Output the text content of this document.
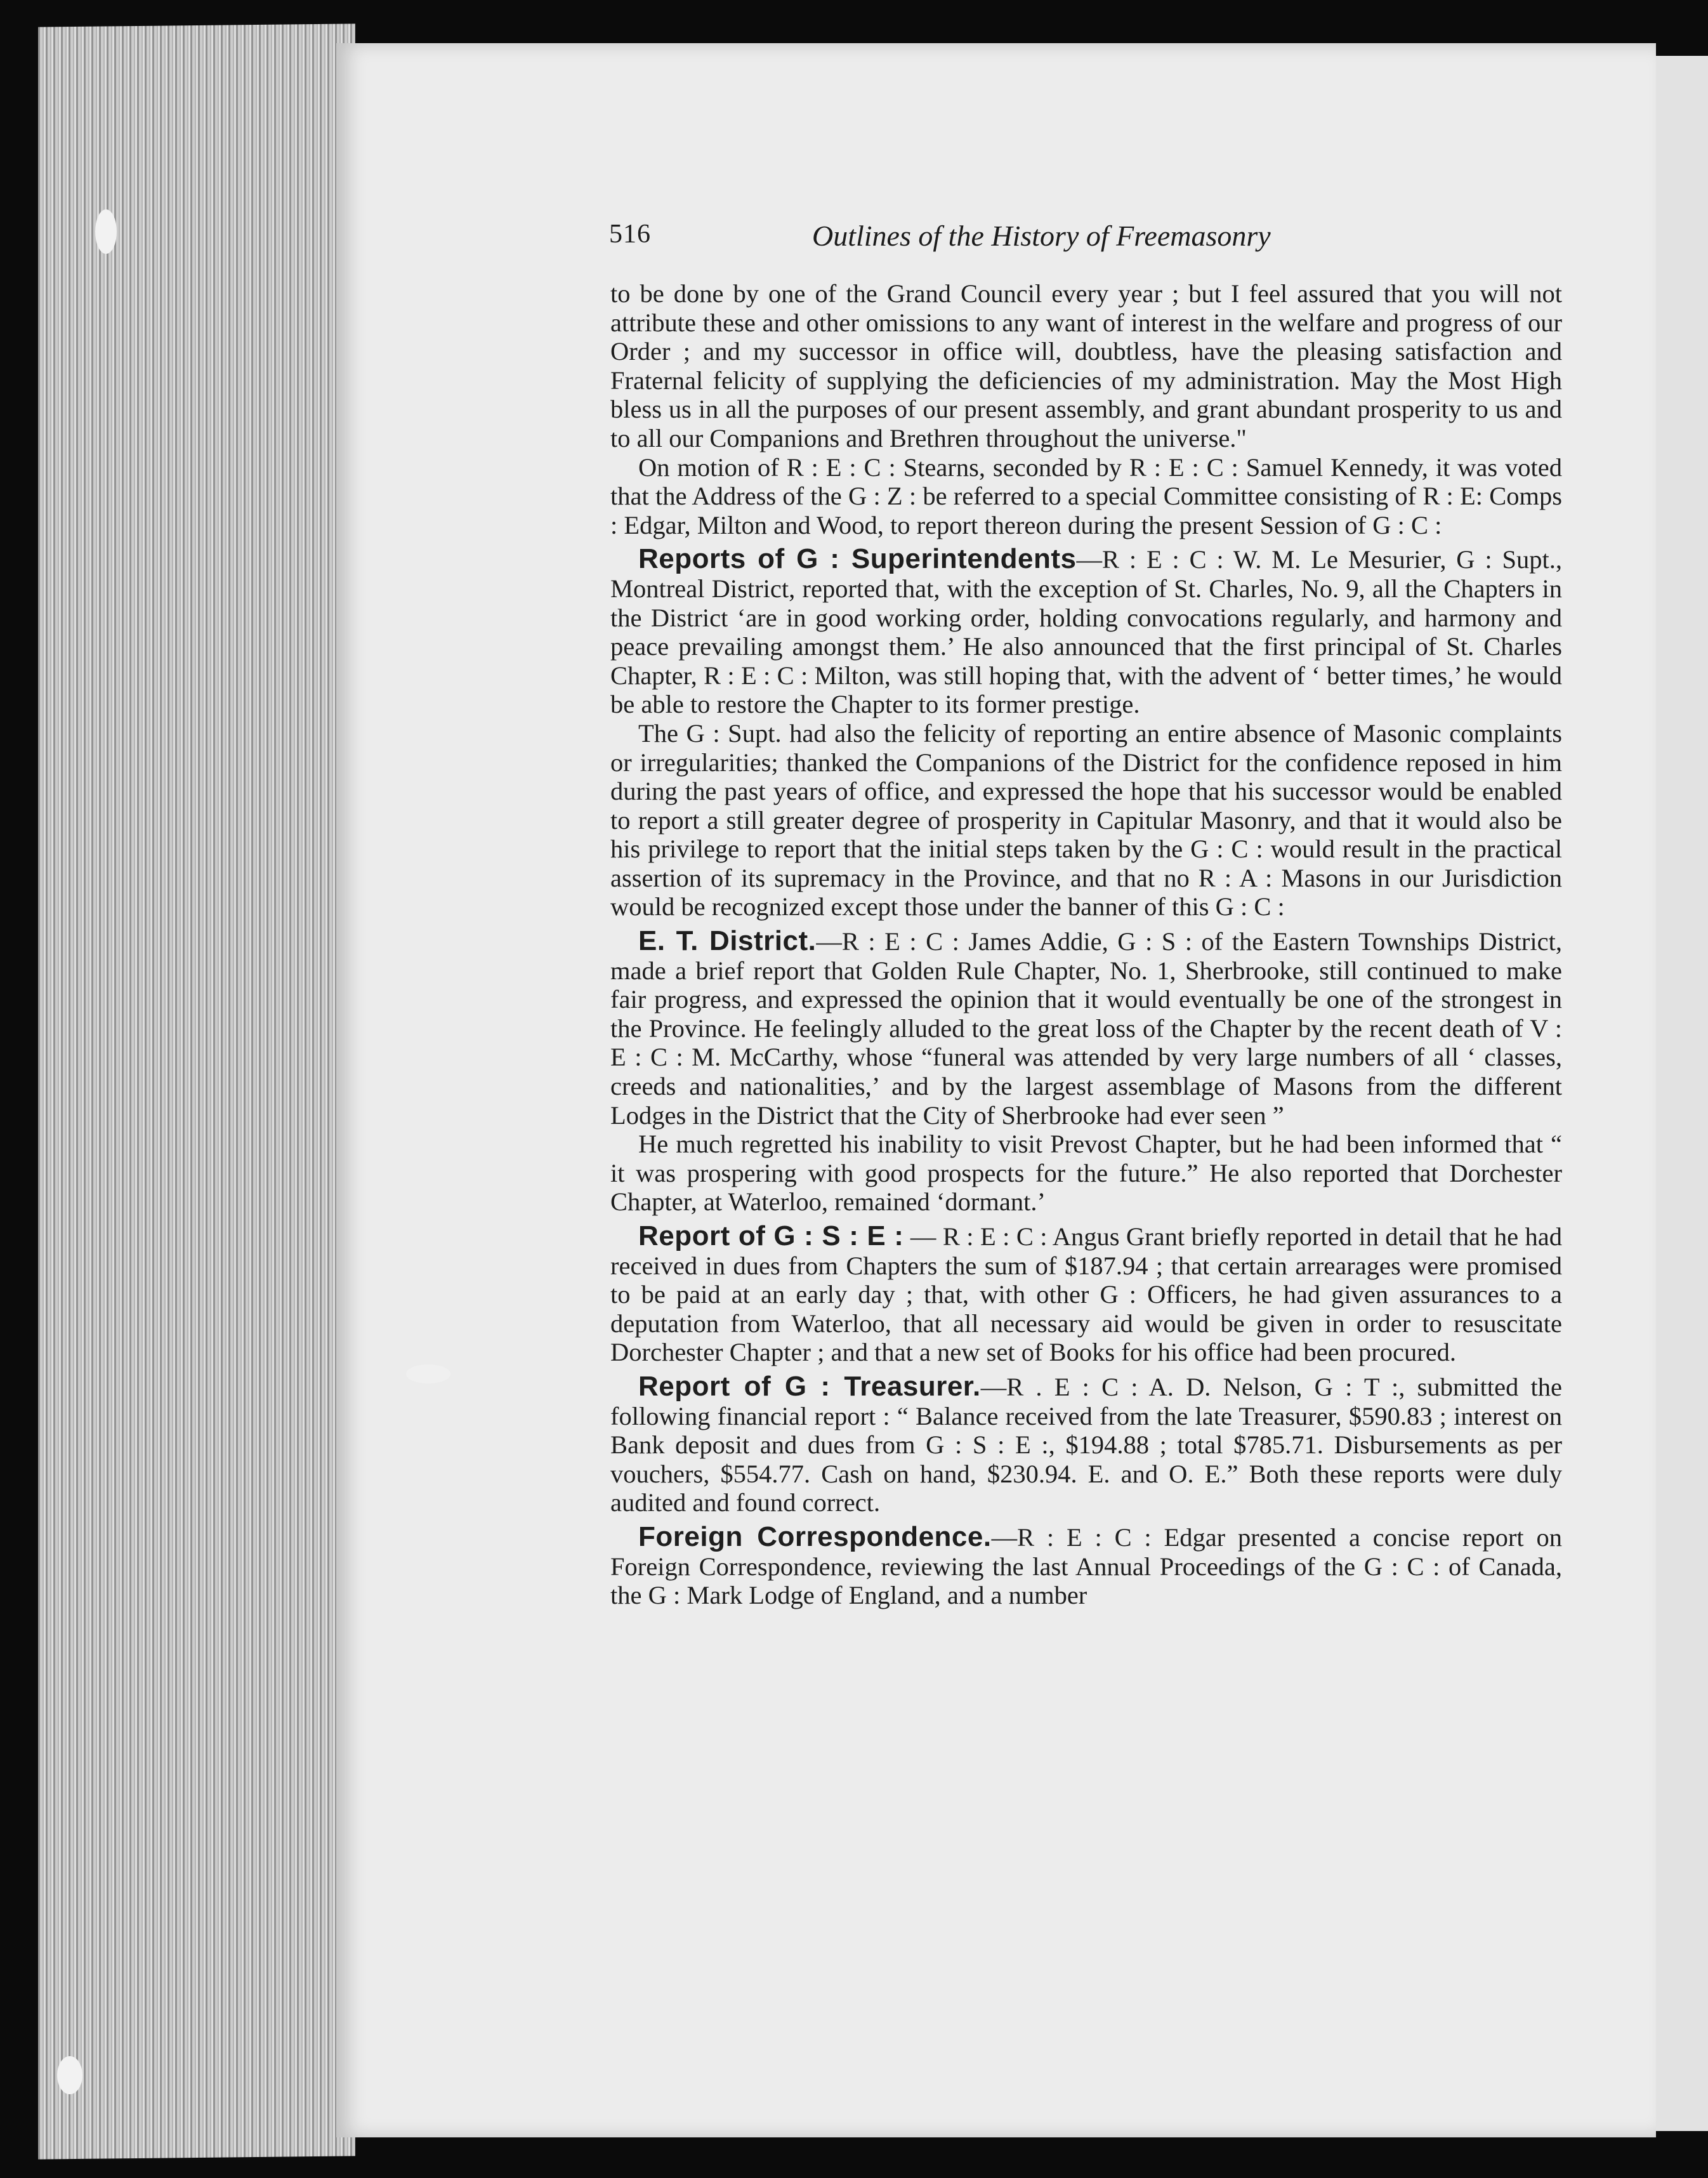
516	Outlines of the History of Freemasonry

to be done by one of the Grand Council every year ; but I feel assured that you will not attribute these and other omissions to any want of interest in the welfare and progress of our Order ; and my successor in office will, doubtless, have the pleasing satisfaction and Fraternal felicity of supplying the deficiencies of my administration. May the Most High bless us in all the purposes of our present assembly, and grant abundant prosperity to us and to all our Companions and Brethren throughout the universe."

On motion of R : E : C : Stearns, seconded by R : E : C : Samuel Kennedy, it was voted that the Address of the G : Z : be referred to a special Committee consisting of R : E: Comps : Edgar, Milton and Wood, to report thereon during the present Session of G : C :

Reports of G : Superintendents—R : E : C : W. M. Le Mesurier, G : Supt., Montreal District, reported that, with the exception of St. Charles, No. 9, all the Chapters in the District ‘are in good working order, holding convocations regularly, and harmony and peace prevailing amongst them.’ He also announced that the first principal of St. Charles Chapter, R : E : C : Milton, was still hoping that, with the advent of ‘ better times,’ he would be able to restore the Chapter to its former prestige.

The G : Supt. had also the felicity of reporting an entire absence of Masonic complaints or irregularities; thanked the Companions of the District for the confidence reposed in him during the past years of office, and expressed the hope that his successor would be enabled to report a still greater degree of prosperity in Capitular Masonry, and that it would also be his privilege to report that the initial steps taken by the G : C : would result in the practical assertion of its supremacy in the Province, and that no R : A : Masons in our Jurisdiction would be recognized except those under the banner of this G : C :

E. T. District.—R : E : C : James Addie, G : S : of the Eastern Townships District, made a brief report that Golden Rule Chapter, No. 1, Sherbrooke, still continued to make fair progress, and expressed the opinion that it would eventually be one of the strongest in the Province. He feelingly alluded to the great loss of the Chapter by the recent death of V : E : C : M. McCarthy, whose “funeral was attended by very large numbers of all ‘ classes, creeds and nationalities,’ and by the largest assemblage of Masons from the different Lodges in the District that the City of Sherbrooke had ever seen ”

He much regretted his inability to visit Prevost Chapter, but he had been informed that “ it was prospering with good prospects for the future.” He also reported that Dorchester Chapter, at Waterloo, remained ‘dormant.’

Report of G : S : E : — R : E : C : Angus Grant briefly reported in detail that he had received in dues from Chapters the sum of $187.94 ; that certain arrearages were promised to be paid at an early day ; that, with other G : Officers, he had given assurances to a deputation from Waterloo, that all necessary aid would be given in order to resuscitate Dorchester Chapter ; and that a new set of Books for his office had been procured.

Report of G : Treasurer.—R . E : C : A. D. Nelson, G : T :, submitted the following financial report : “ Balance received from the late Treasurer, $590.83 ; interest on Bank deposit and dues from G : S : E :, $194.88 ; total $785.71. Disbursements as per vouchers, $554.77. Cash on hand, $230.94. E. and O. E.” Both these reports were duly audited and found correct.

Foreign Correspondence.—R : E : C : Edgar presented a concise report on Foreign Correspondence, reviewing the last Annual Proceedings of the G : C : of Canada, the G : Mark Lodge of England, and a number
